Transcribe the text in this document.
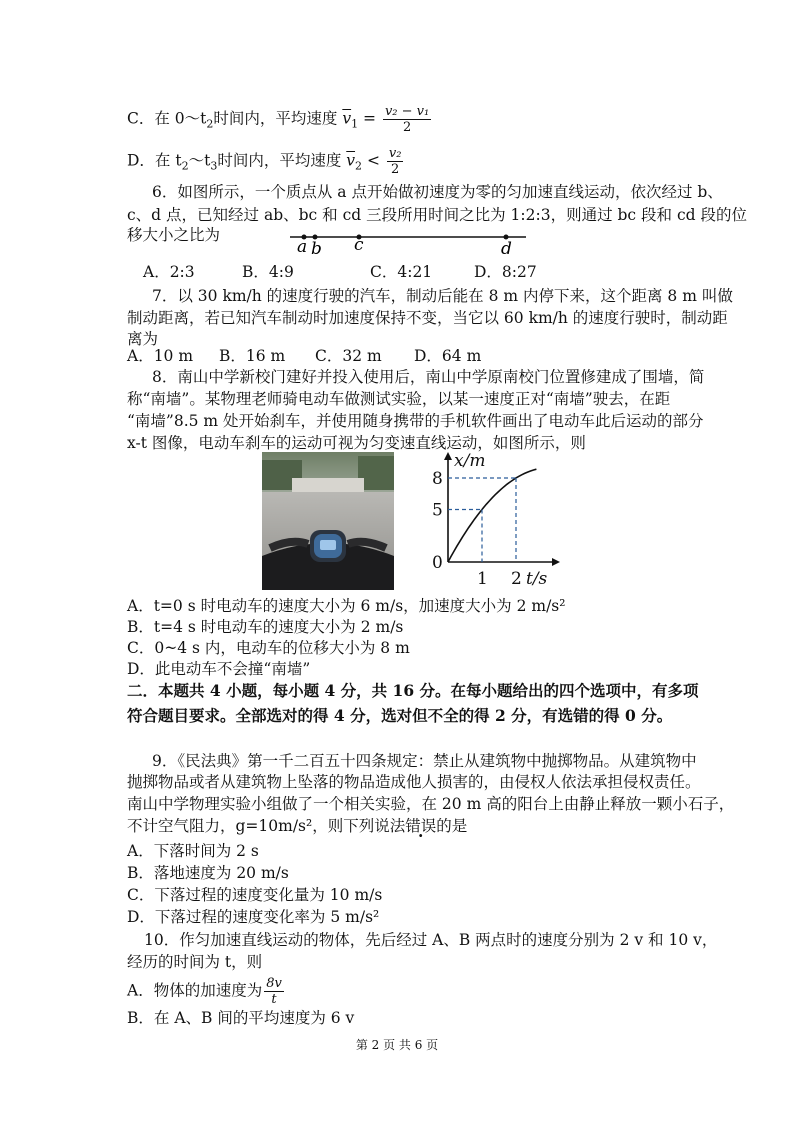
C．在 $0\sim t_2$时间内，平均速度 $\overline{v}_1 = \frac{\text{v₂ − v₁}}{2}$
D．在 $t_2\sim t_3$时间内，平均速度 $\overline{v}_2 < \frac{\text{v₂}}{2}$
6．如图所示，一个质点从 a 点开始做初速度为零的匀加速直线运动，依次经过 b、
c、d 点，已知经过 ab、bc 和 cd 三段所用时间之比为 1:2:3，则通过 bc 段和 cd 段的位
移大小之比为
a b c	d
A．2:3	B．4:9	C．4:21	D．8:27
7．以 30 km/h 的速度行驶的汽车，制动后能在 8 m 内停下来，这个距离 8 m 叫做
制动距离，若已知汽车制动时加速度保持不变，当它以 60 km/h 的速度行驶时，制动距
离为
A．10 m B．16 m C．32 m D．64 m
8．南山中学新校门建好并投入使用后，南山中学原南校门位置修建成了围墙，简
称“南墙”。某物理老师骑电动车做测试实验，以某一速度正对“南墙”驶去，在距
“南墙”8.5 m 处开始刹车，并使用随身携带的手机软件画出了电动车此后运动的部分
x-t 图像，电动车刹车的运动可视为匀变速直线运动，如图所示，则
8
5
0
1 2
x/m
t/s
A．t=0 s 时电动车的速度大小为 6 m/s，加速度大小为 2 m/s²
B．t=4 s 时电动车的速度大小为 2 m/s
C．0~4 s 内，电动车的位移大小为 8 m
D．此电动车不会撞“南墙”
二．本题共 4 小题，每小题 4 分，共 16 分。在每小题给出的四个选项中，有多项
符合题目要求。全部选对的得 4 分，选对但不全的得 2 分，有选错的得 0 分。
9．《民法典》第一千二百五十四条规定：禁止从建筑物中抛掷物品。从建筑物中
抛掷物品或者从建筑物上坠落的物品造成他人损害的，由侵权人依法承担侵权责任。
南山中学物理实验小组做了一个相关实验，在 20 m 高的阳台上由静止释放一颗小石子，
不计空气阻力，g=10m/s²，则下列说法错误的是
A．下落时间为 2 s
B．落地速度为 20 m/s
C．下落过程的速度变化量为 10 m/s
D．下落过程的速度变化率为 5 m/s²
10．作匀加速直线运动的物体，先后经过 A、B 两点时的速度分别为 2 v 和 10 v，
经历的时间为 t，则
A．物体的加速度为 $\frac{8v}{t}$
B．在 A、B 间的平均速度为 6 v
第 2 页 共 6 页
